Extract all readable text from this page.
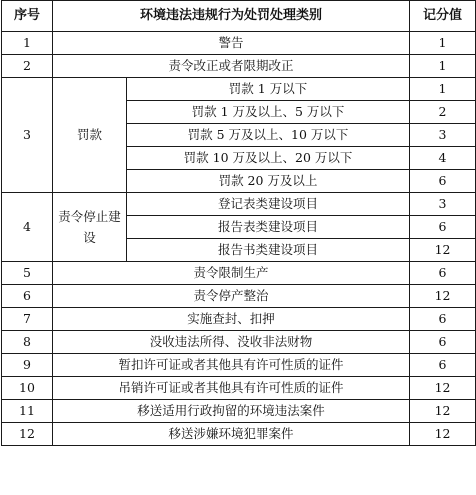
序号	环境违法违规行为处罚处理类别		记分值
1	警告		1
2	责令改正或者限期改正		1
3	罚款	罚款 1 万以下	1
		罚款 1 万及以上、5 万以下	2
		罚款 5 万及以上、10 万以下	3
		罚款 10 万及以上、20 万以下	4
		罚款 20 万及以上	6
4	责令停止建设	登记表类建设项目	3
		报告表类建设项目	6
		报告书类建设项目	12
5	责令限制生产		6
6	责令停产整治		12
7	实施查封、扣押		6
8	没收违法所得、没收非法财物		6
9	暂扣许可证或者其他具有许可性质的证件		6
10	吊销许可证或者其他具有许可性质的证件		12
11	移送适用行政拘留的环境违法案件		12
12	移送涉嫌环境犯罪案件		12
